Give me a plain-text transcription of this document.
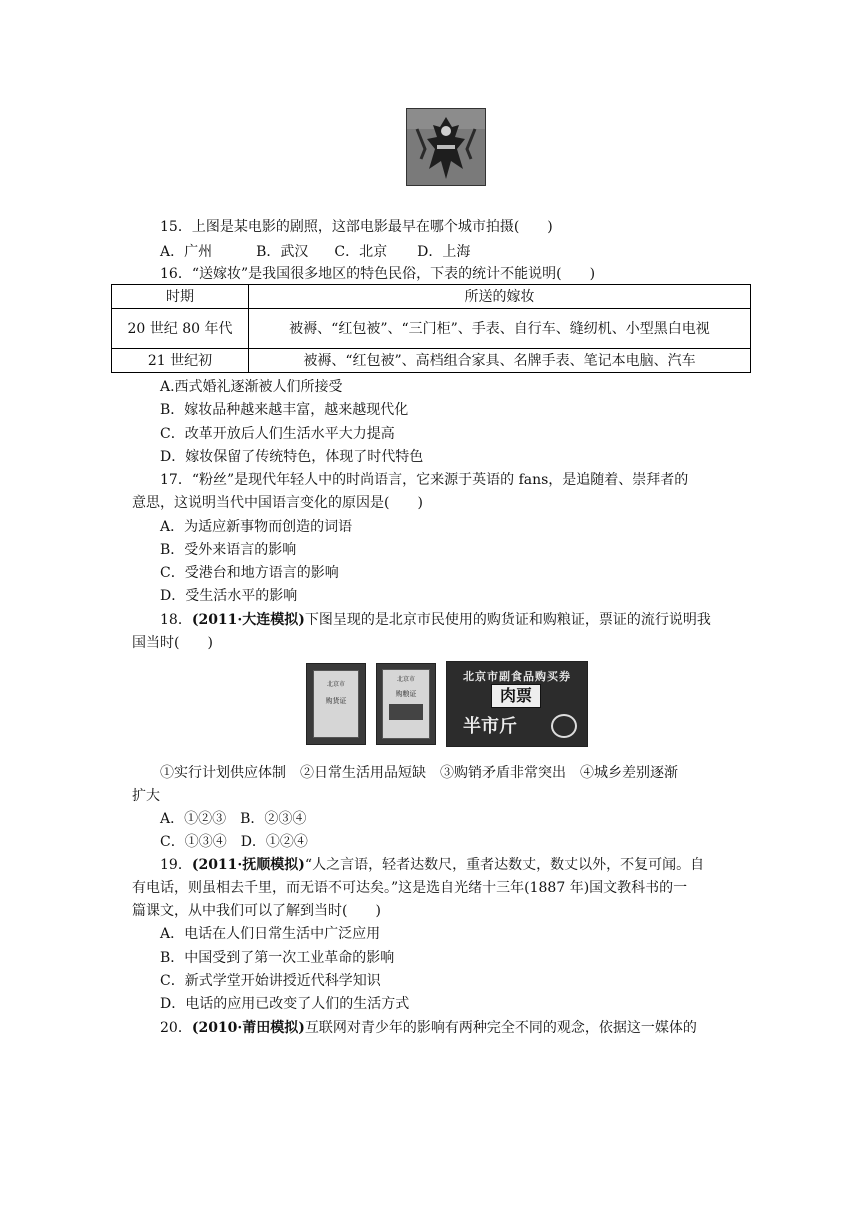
15．上图是某电影的剧照，这部电影最早在哪个城市拍摄(　　)
A．广州	B．武汉 C．北京 D．上海
16．“送嫁妆”是我国很多地区的特色民俗，下表的统计不能说明(　　)
时期	所送的嫁妆
20 世纪 80 年代	被褥、“红包被”、“三门柜”、手表、自行车、缝纫机、小型黑白电视
21 世纪初	被褥、“红包被”、高档组合家具、名牌手表、笔记本电脑、汽车
A.西式婚礼逐渐被人们所接受
B．嫁妆品种越来越丰富，越来越现代化
C．改革开放后人们生活水平大力提高
D．嫁妆保留了传统特色，体现了时代特色
17．“粉丝”是现代年轻人中的时尚语言，它来源于英语的 fans，是追随着、崇拜者的
意思，这说明当代中国语言变化的原因是(　　)
A．为适应新事物而创造的词语
B．受外来语言的影响
C．受港台和地方语言的影响
D．受生活水平的影响
18．(2011·大连模拟)下图呈现的是北京市民使用的购货证和购粮证，票证的流行说明我
国当时(　　)
北京市
购货证
北京市
购粮证
北京市副食品购买券
肉票
半市斤
①实行计划供应体制　②日常生活用品短缺　③购销矛盾非常突出　④城乡差别逐渐
扩大
A．①②③　B．②③④
C．①③④　D．①②④
19．(2011·抚顺模拟)“人之言语，轻者达数尺，重者达数丈，数丈以外，不复可闻。自
有电话，则虽相去千里，而无语不可达矣。”这是选自光绪十三年(1887 年)国文教科书的一
篇课文，从中我们可以了解到当时(　　)
A．电话在人们日常生活中广泛应用
B．中国受到了第一次工业革命的影响
C．新式学堂开始讲授近代科学知识
D．电话的应用已改变了人们的生活方式
20．(2010·莆田模拟)互联网对青少年的影响有两种完全不同的观念，依据这一媒体的
